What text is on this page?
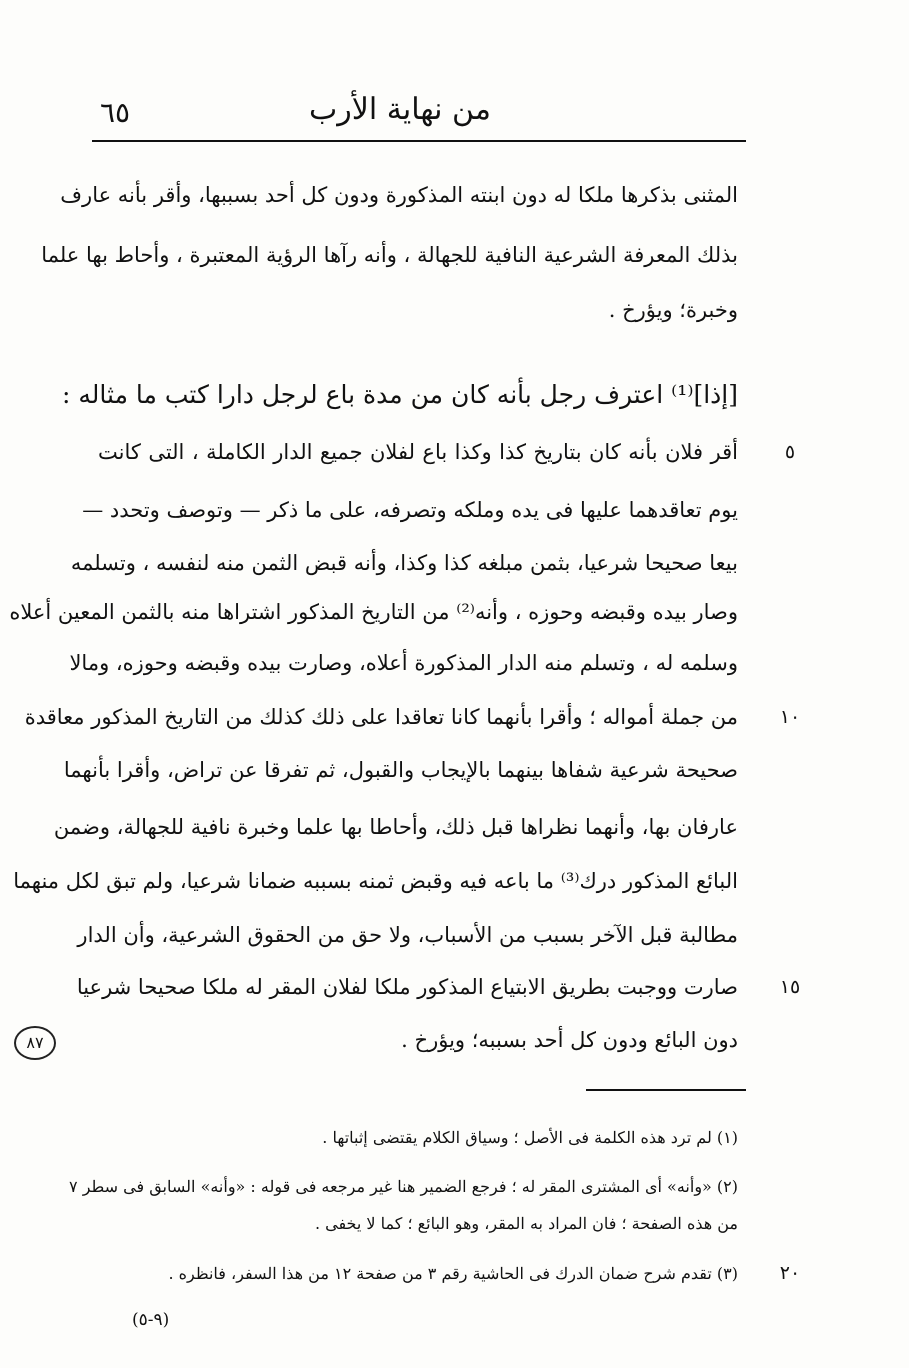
من نهاية الأرب
٦٥
المثنى بذكرها ملكا له دون ابنته المذكورة ودون كل أحد بسببها، وأقر بأنه عارف
بذلك المعرفة الشرعية النافية للجهالة ، وأنه رآها الرؤية المعتبرة ، وأحاط بها علما
وخبرة؛ ويؤرخ .
[إذا]⁽¹⁾ اعترف رجل بأنه كان من مدة باع لرجل دارا كتب ما مثاله :
أقر فلان بأنه كان بتاريخ كذا وكذا باع لفلان جميع الدار الكاملة ، التى كانت
يوم تعاقدهما عليها فى يده وملكه وتصرفه، على ما ذكر — وتوصف وتحدد —
بيعا صحيحا شرعيا، بثمن مبلغه كذا وكذا، وأنه قبض الثمن منه لنفسه ، وتسلمه
وصار بيده وقبضه وحوزه ، وأنه⁽²⁾ من التاريخ المذكور اشتراها منه بالثمن المعين أعلاه
وسلمه له ، وتسلم منه الدار المذكورة أعلاه، وصارت بيده وقبضه وحوزه، ومالا
من جملة أمواله ؛ وأقرا بأنهما كانا تعاقدا على ذلك كذلك من التاريخ المذكور معاقدة
صحيحة شرعية شفاها بينهما بالإيجاب والقبول، ثم تفرقا عن تراض، وأقرا بأنهما
عارفان بها، وأنهما نظراها قبل ذلك، وأحاطا بها علما وخبرة نافية للجهالة، وضمن
البائع المذكور درك⁽³⁾ ما باعه فيه وقبض ثمنه بسببه ضمانا شرعيا، ولم تبق لكل منهما
مطالبة قبل الآخر بسبب من الأسباب، ولا حق من الحقوق الشرعية، وأن الدار
صارت ووجبت بطريق الابتياع المذكور ملكا لفلان المقر له ملكا صحيحا شرعيا
دون البائع ودون كل أحد بسببه؛ ويؤرخ .
٥
١٠
١٥
٢٠
٨٧
(١) لم ترد هذه الكلمة فى الأصل ؛ وسياق الكلام يقتضى إثباتها .
(٢) «وأنه» أى المشترى المقر له ؛ فرجع الضمير هنا غير مرجعه فى قوله : «وأنه» السابق فى سطر ٧
من هذه الصفحة ؛ فان المراد به المقر، وهو البائع ؛ كما لا يخفى .
(٣) تقدم شرح ضمان الدرك فى الحاشية رقم ٣ من صفحة ١٢ من هذا السفر، فانظره .
(٩-٥)
